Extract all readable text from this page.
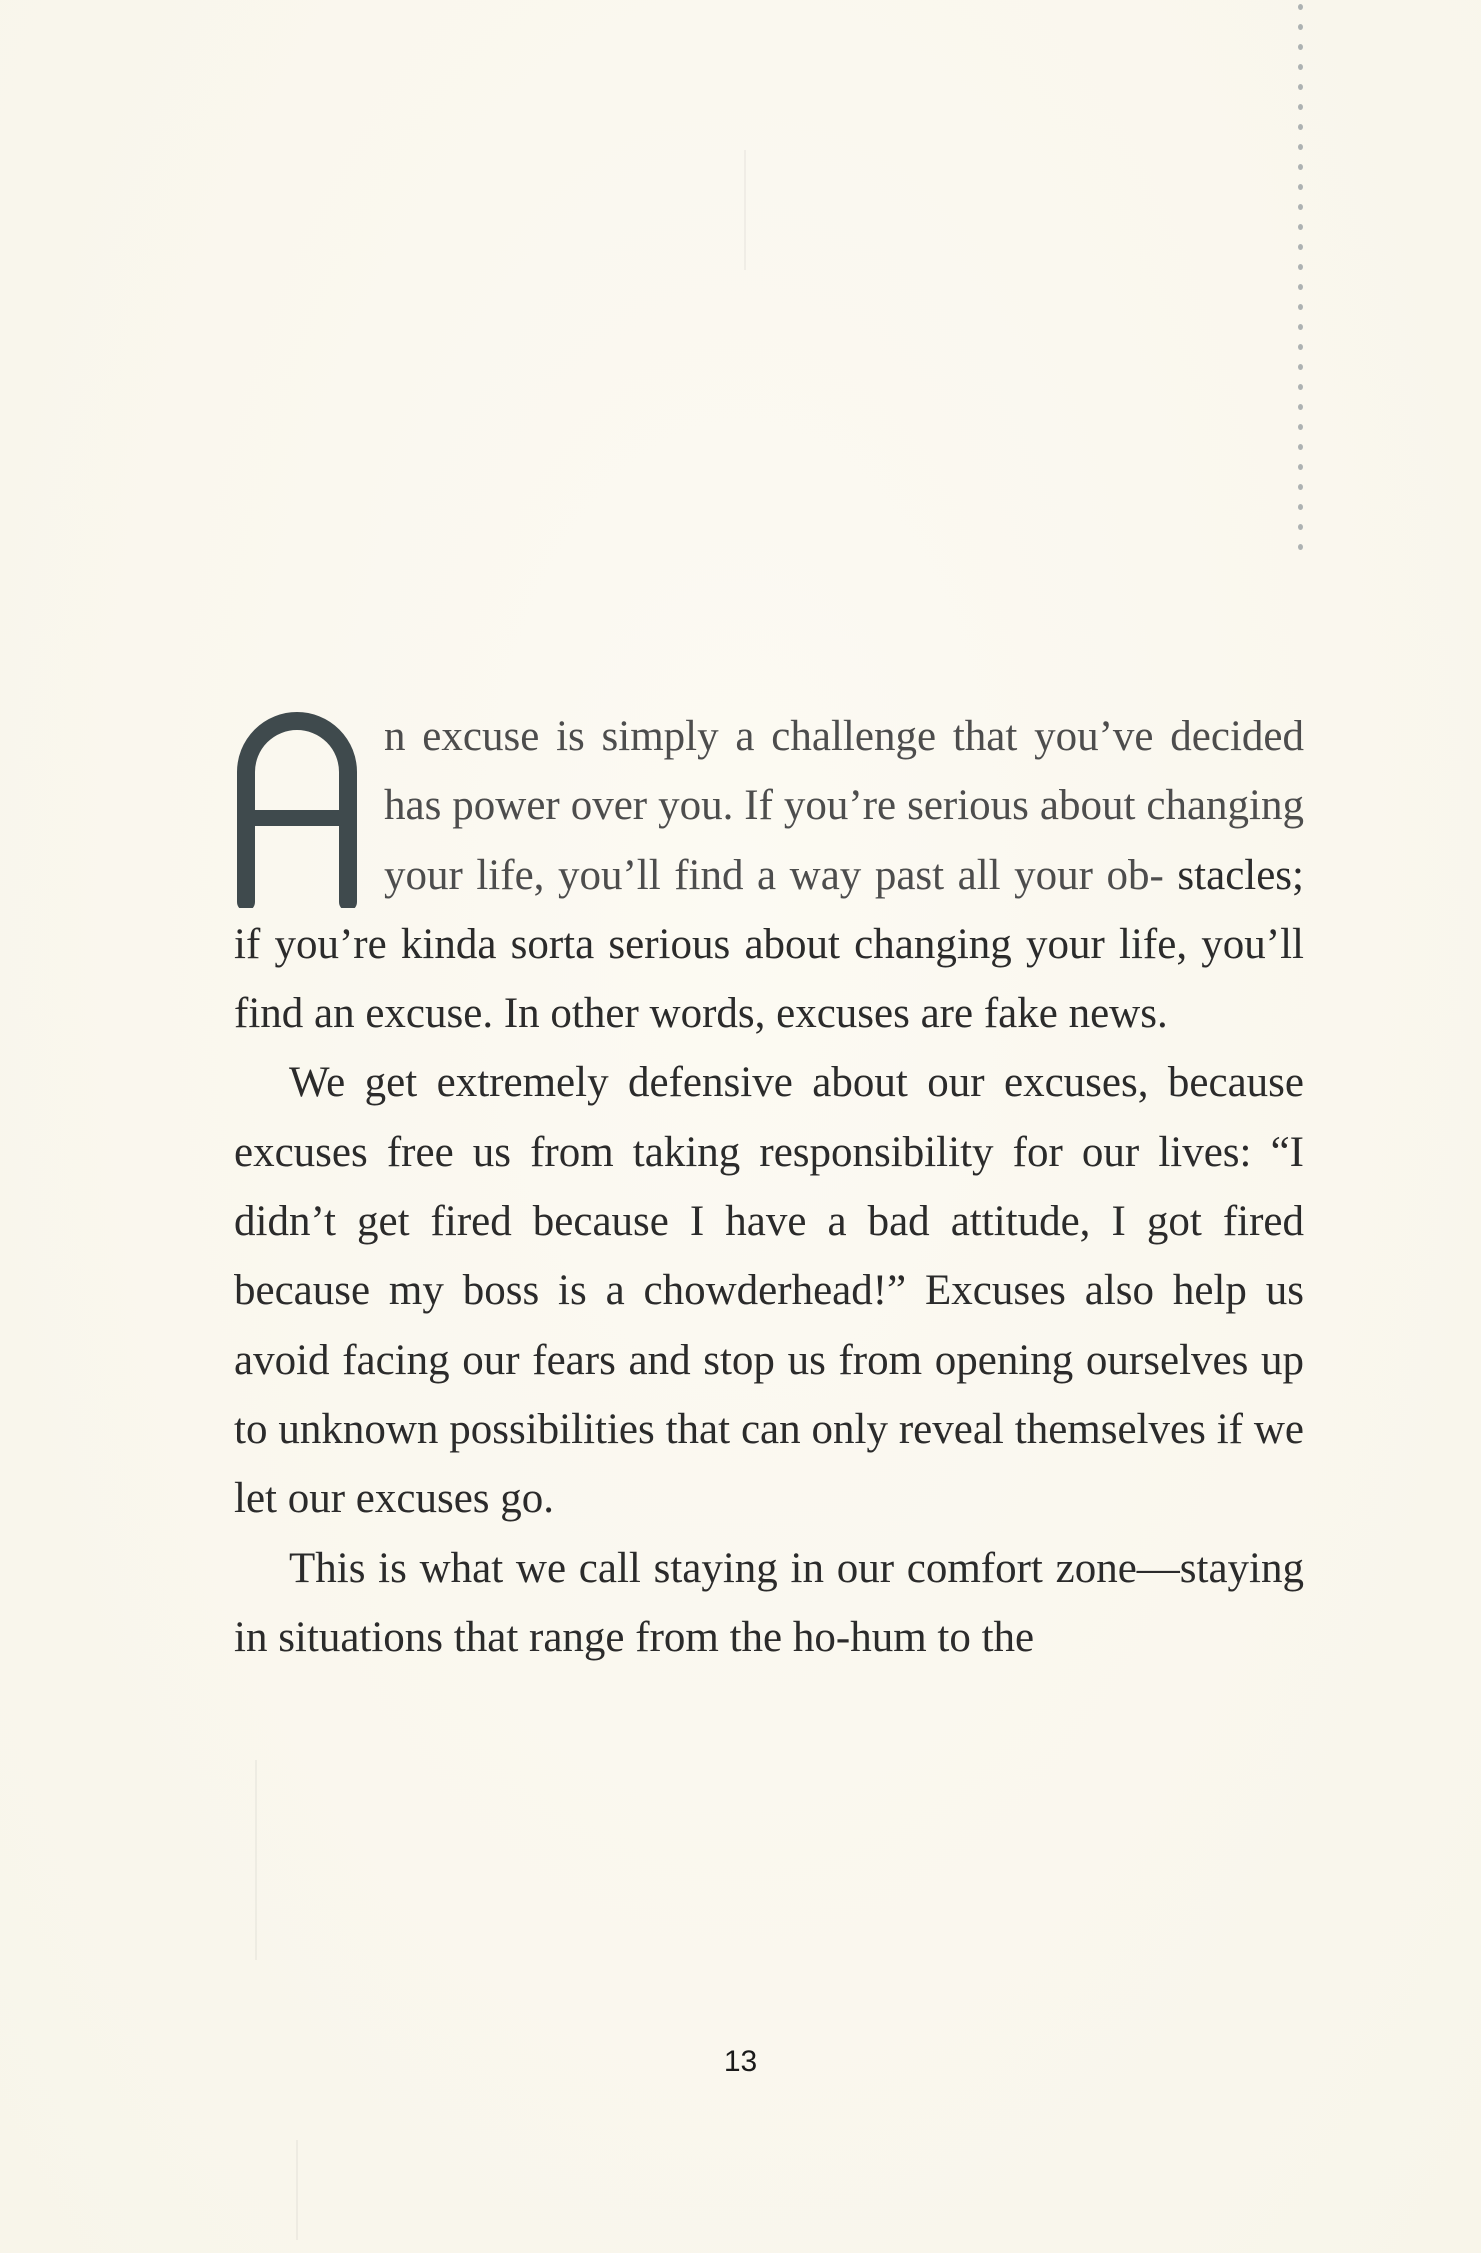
n excuse is simply a challenge that you’ve decided has power over you. If you’re serious about changing your life, you’ll find a way past all your ob- stacles; if you’re kinda sorta serious about changing your life, you’ll find an excuse. In other words, excuses are fake news.

We get extremely defensive about our excuses, because excuses free us from taking responsibility for our lives: “I didn’t get fired because I have a bad attitude, I got fired because my boss is a chowderhead!” Excuses also help us avoid facing our fears and stop us from opening ourselves up to unknown possibilities that can only reveal themselves if we let our excuses go.

This is what we call staying in our comfort zone—staying in situations that range from the ho-hum to the

13
